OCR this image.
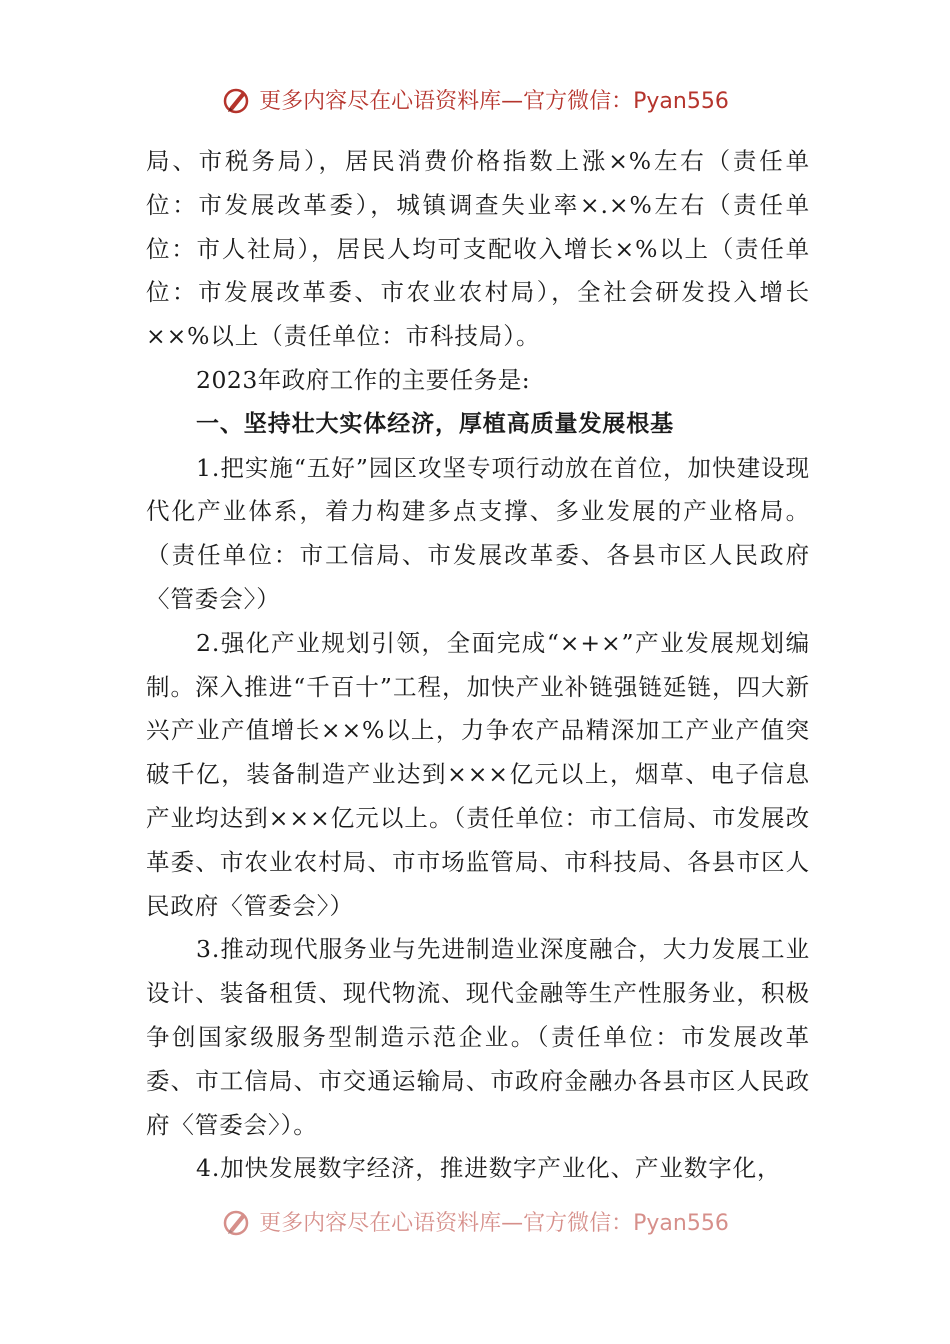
更多内容尽在心语资料库—官方微信：Pyan556

局、市税务局），居民消费价格指数上涨×%左右（责任单位：市发展改革委），城镇调查失业率×.×%左右（责任单位：市人社局），居民人均可支配收入增长×%以上（责任单位：市发展改革委、市农业农村局），全社会研发投入增长××%以上（责任单位：市科技局）。

2023年政府工作的主要任务是:

一、坚持壮大实体经济，厚植高质量发展根基

1.把实施“五好”园区攻坚专项行动放在首位，加快建设现代化产业体系，着力构建多点支撑、多业发展的产业格局。（责任单位：市工信局、市发展改革委、各县市区人民政府〈管委会〉）

2.强化产业规划引领，全面完成“×+×”产业发展规划编制。深入推进“千百十”工程，加快产业补链强链延链，四大新兴产业产值增长××%以上，力争农产品精深加工产业产值突破千亿，装备制造产业达到×××亿元以上，烟草、电子信息产业均达到×××亿元以上。（责任单位：市工信局、市发展改革委、市农业农村局、市市场监管局、市科技局、各县市区人民政府〈管委会〉）

3.推动现代服务业与先进制造业深度融合，大力发展工业设计、装备租赁、现代物流、现代金融等生产性服务业，积极争创国家级服务型制造示范企业。（责任单位：市发展改革委、市工信局、市交通运输局、市政府金融办各县市区人民政府〈管委会〉）。

4.加快发展数字经济，推进数字产业化、产业数字化，

更多内容尽在心语资料库—官方微信：Pyan556
